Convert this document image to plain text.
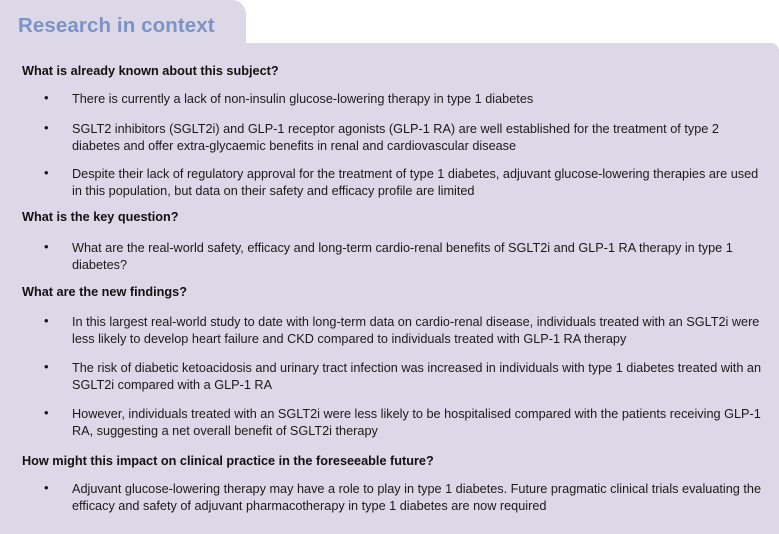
Research in context
What is already known about this subject?
• There is currently a lack of non-insulin glucose-lowering therapy in type 1 diabetes
• SGLT2 inhibitors (SGLT2i) and GLP-1 receptor agonists (GLP-1 RA) are well established for the treatment of type 2 diabetes and offer extra-glycaemic benefits in renal and cardiovascular disease
• Despite their lack of regulatory approval for the treatment of type 1 diabetes, adjuvant glucose-lowering therapies are used in this population, but data on their safety and efficacy profile are limited
What is the key question?
• What are the real-world safety, efficacy and long-term cardio-renal benefits of SGLT2i and GLP-1 RA therapy in type 1 diabetes?
What are the new findings?
• In this largest real-world study to date with long-term data on cardio-renal disease, individuals treated with an SGLT2i were less likely to develop heart failure and CKD compared to individuals treated with GLP-1 RA therapy
• The risk of diabetic ketoacidosis and urinary tract infection was increased in individuals with type 1 diabetes treated with an SGLT2i compared with a GLP-1 RA
• However, individuals treated with an SGLT2i were less likely to be hospitalised compared with the patients receiving GLP-1 RA, suggesting a net overall benefit of SGLT2i therapy
How might this impact on clinical practice in the foreseeable future?
• Adjuvant glucose-lowering therapy may have a role to play in type 1 diabetes. Future pragmatic clinical trials evaluating the efficacy and safety of adjuvant pharmacotherapy in type 1 diabetes are now required
